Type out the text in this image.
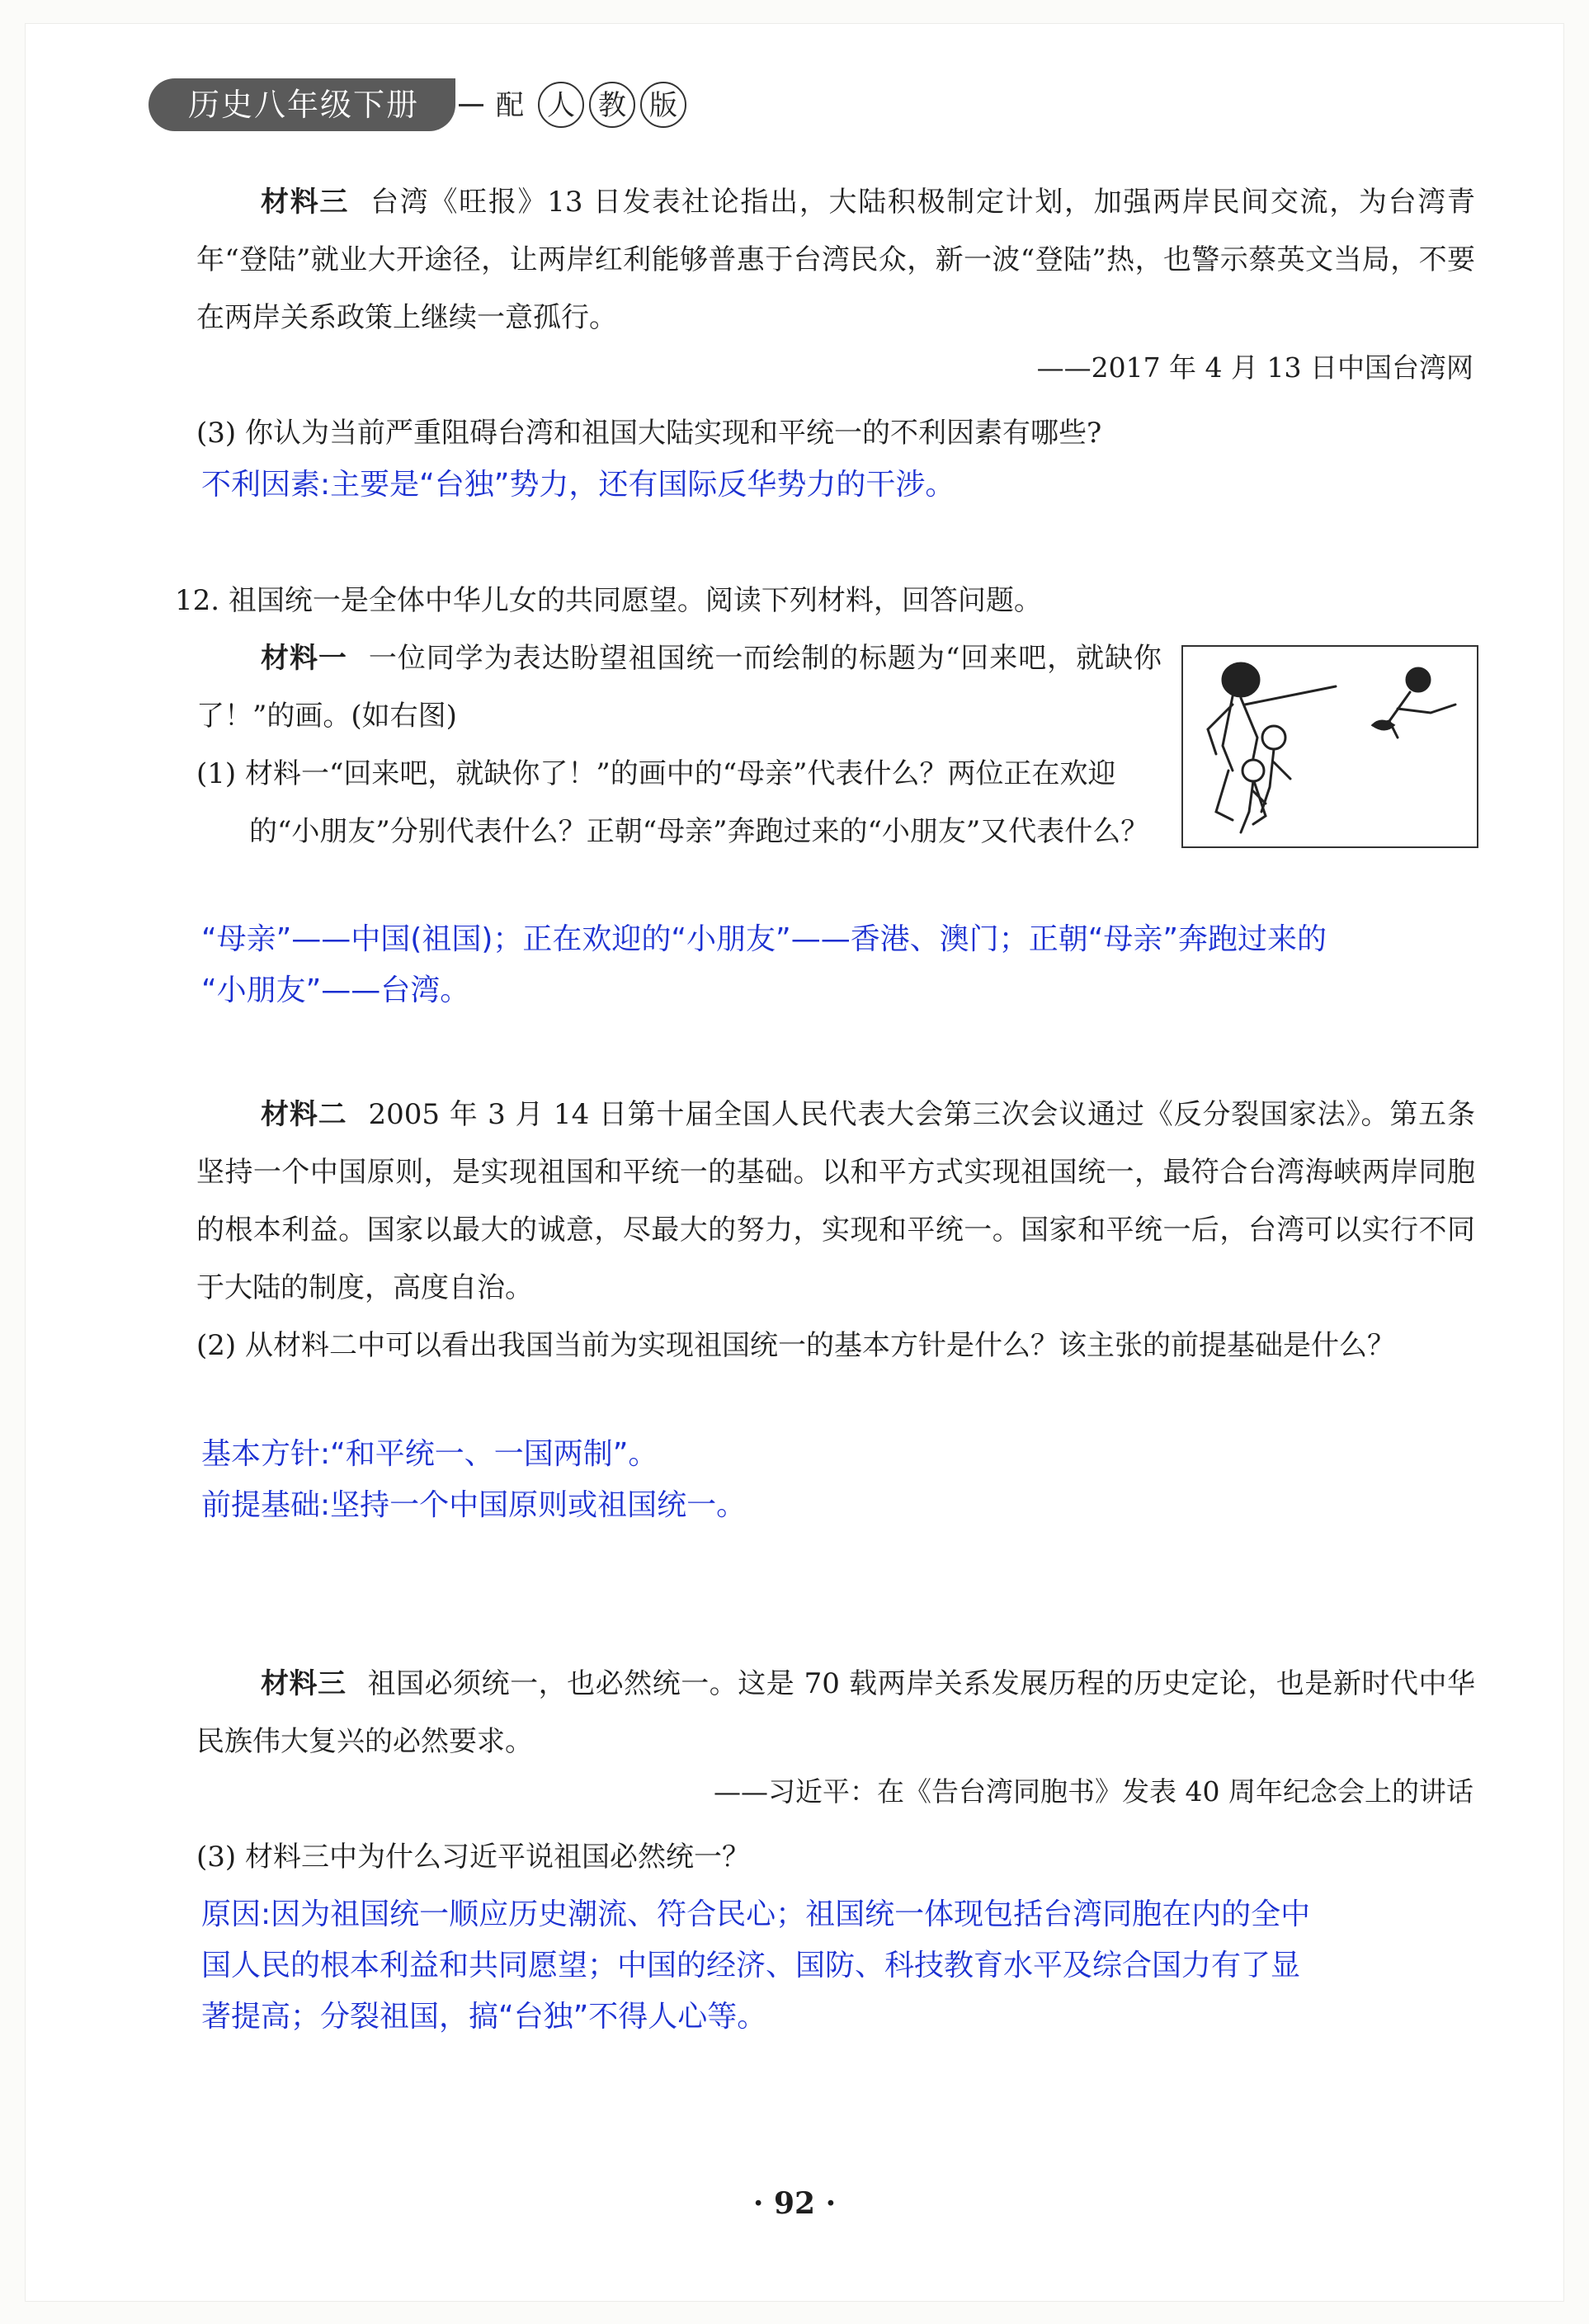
历史八年级下册	配 人 教 版
材料三 台湾《旺报》13 日发表社论指出，大陆积极制定计划，加强两岸民间交流，为台湾青年“登陆”就业大开途径，让两岸红利能够普惠于台湾民众，新一波“登陆”热，也警示蔡英文当局，不要在两岸关系政策上继续一意孤行。
——2017 年 4 月 13 日中国台湾网
(3) 你认为当前严重阻碍台湾和祖国大陆实现和平统一的不利因素有哪些?
不利因素:主要是“台独”势力，还有国际反华势力的干涉。
12. 祖国统一是全体中华儿女的共同愿望。阅读下列材料，回答问题。
材料一 一位同学为表达盼望祖国统一而绘制的标题为“回来吧，就缺你了！”的画。(如右图)
(1) 材料一“回来吧，就缺你了！”的画中的“母亲”代表什么？两位正在欢迎的“小朋友”分别代表什么？正朝“母亲”奔跑过来的“小朋友”又代表什么？
“母亲”——中国(祖国)；正在欢迎的“小朋友”——香港、澳门；正朝“母亲”奔跑过来的
“小朋友”——台湾。
材料二 2005 年 3 月 14 日第十届全国人民代表大会第三次会议通过《反分裂国家法》。第五条　坚持一个中国原则，是实现祖国和平统一的基础。以和平方式实现祖国统一，最符合台湾海峡两岸同胞的根本利益。国家以最大的诚意，尽最大的努力，实现和平统一。国家和平统一后，台湾可以实行不同于大陆的制度，高度自治。
(2) 从材料二中可以看出我国当前为实现祖国统一的基本方针是什么？该主张的前提基础是什么？
基本方针:“和平统一、一国两制”。
前提基础:坚持一个中国原则或祖国统一。
材料三 祖国必须统一，也必然统一。这是 70 载两岸关系发展历程的历史定论，也是新时代中华民族伟大复兴的必然要求。
——习近平：在《告台湾同胞书》发表 40 周年纪念会上的讲话
(3) 材料三中为什么习近平说祖国必然统一？
原因:因为祖国统一顺应历史潮流、符合民心；祖国统一体现包括台湾同胞在内的全中
国人民的根本利益和共同愿望；中国的经济、国防、科技教育水平及综合国力有了显
著提高；分裂祖国，搞“台独”不得人心等。
· 92 ·
